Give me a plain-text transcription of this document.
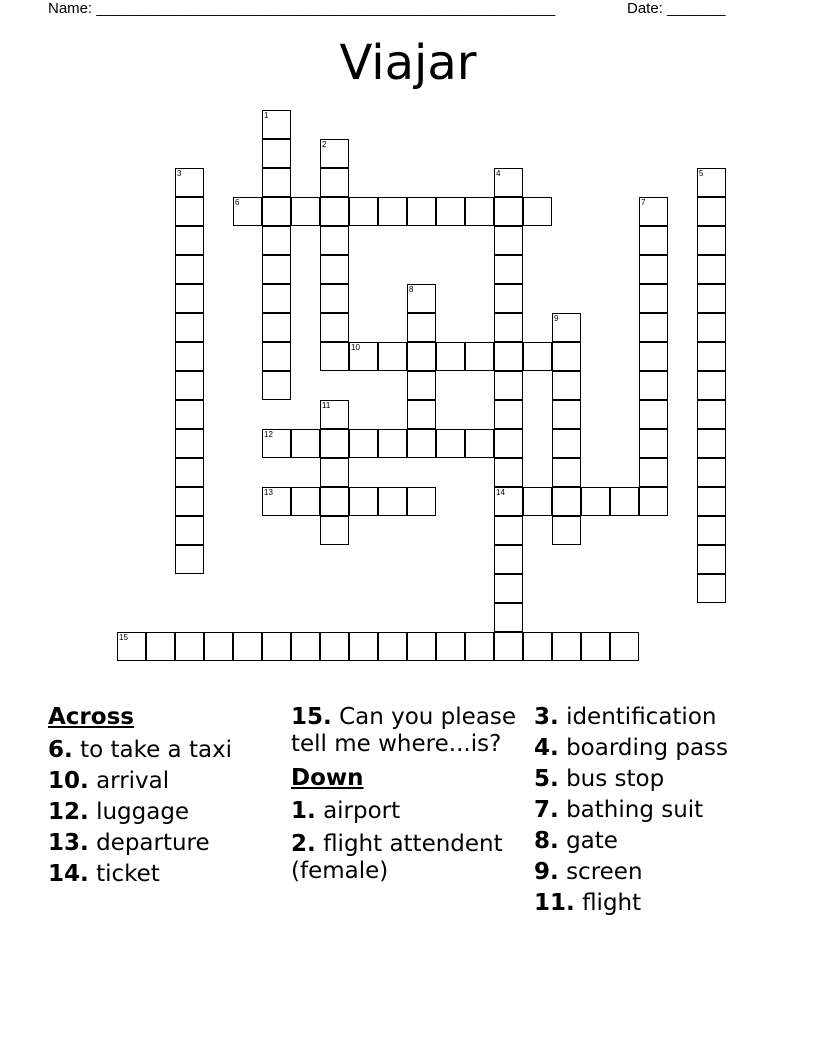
Name: _______________________________________________________	Date: _______
Viajar
1
2
3	4
14
5
6	7
8
9
10
11
12
13
15
Across
6. to take a taxi
10. arrival
12. luggage
13. departure
14. ticket
15. Can you please tell me where...is?
Down
1. airport
2. flight attendent (female)
3. identification
4. boarding pass
5. bus stop
7. bathing suit
8. gate
9. screen
11. flight
